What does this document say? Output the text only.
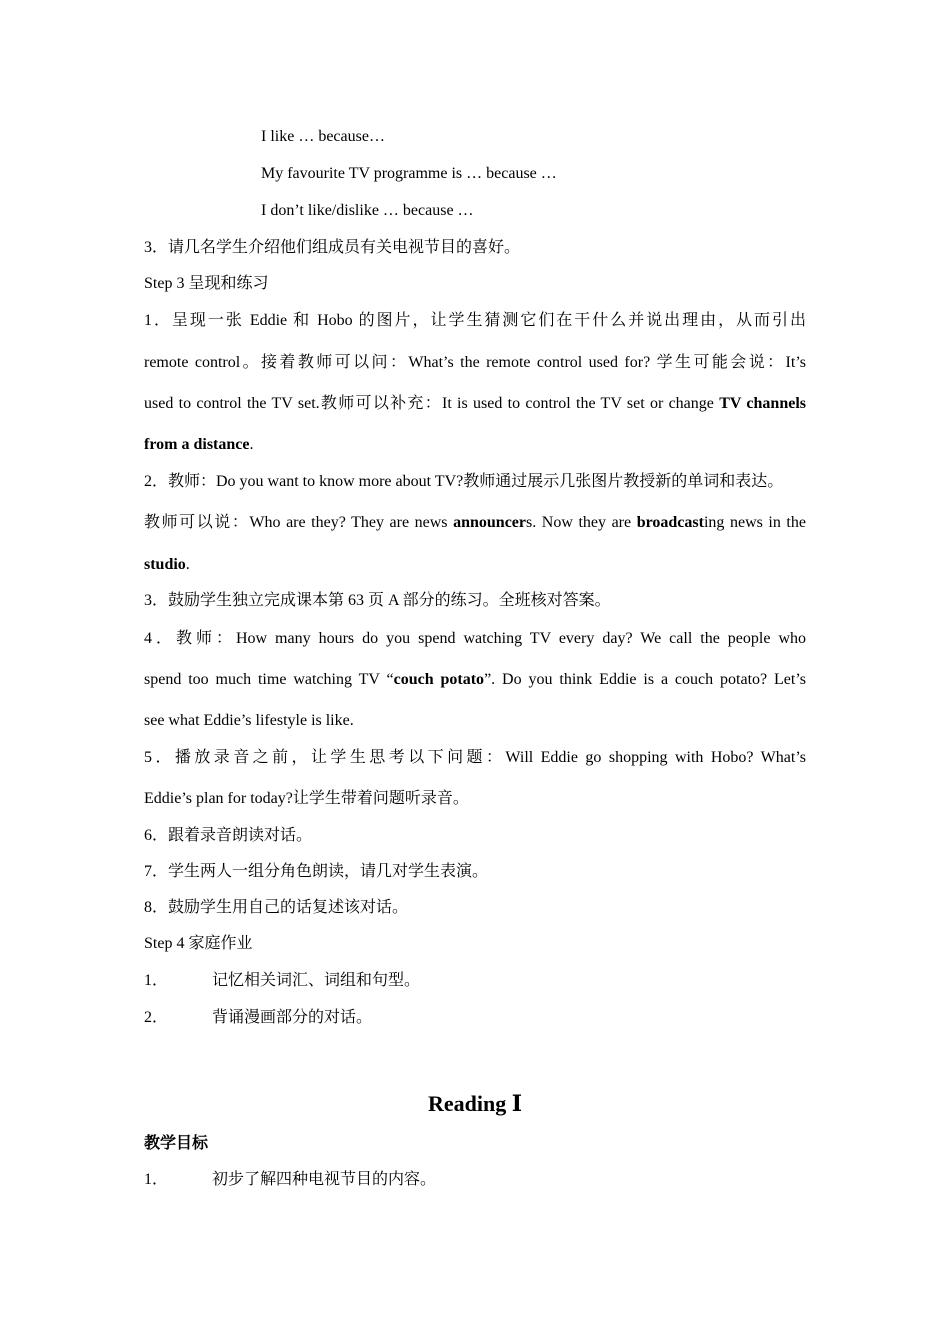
I like … because…
My favourite TV programme is … because …
I don’t like/dislike … because …
3．请几名学生介绍他们组成员有关电视节目的喜好。
Step 3 呈现和练习
1．呈现一张 Eddie 和 Hobo 的图片，让学生猜测它们在干什么并说出理由，从而引出
remote control。接着教师可以问：What’s the remote control used for? 学生可能会说：It’s
used to control the TV set.教师可以补充：It is used to control the TV set or change TV channels
from a distance.
2．教师：Do you want to know more about TV?教师通过展示几张图片教授新的单词和表达。
教师可以说：Who are they? They are news announcers. Now they are broadcasting news in the
studio.
3．鼓励学生独立完成课本第 63 页 A 部分的练习。全班核对答案。
4．教师：How many hours do you spend watching TV every day? We call the people who
spend too much time watching TV “couch potato”. Do you think Eddie is a couch potato? Let’s
see what Eddie’s lifestyle is like.
5．播放录音之前，让学生思考以下问题：Will Eddie go shopping with Hobo? What’s
Eddie’s plan for today?让学生带着问题听录音。
6．跟着录音朗读对话。
7．学生两人一组分角色朗读，请几对学生表演。
8．鼓励学生用自己的话复述该对话。
Step 4 家庭作业
1．	记忆相关词汇、词组和句型。
2．	背诵漫画部分的对话。
Reading Ⅰ
教学目标
1．	初步了解四种电视节目的内容。
